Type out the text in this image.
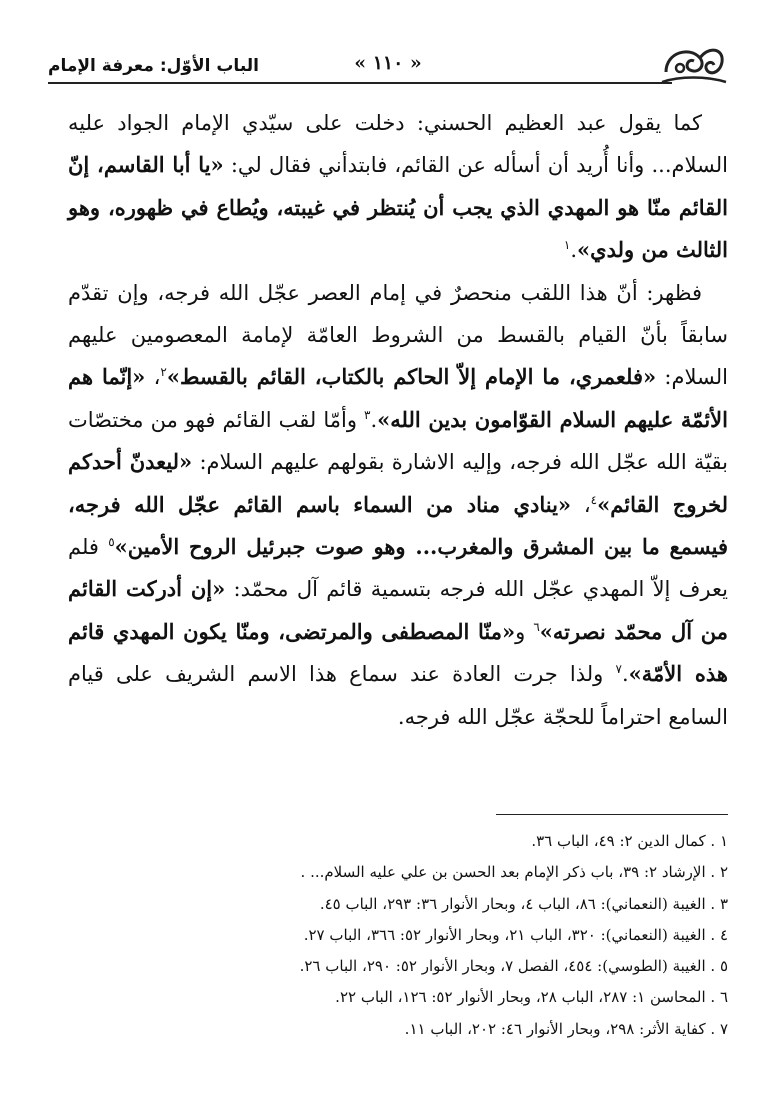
« ١١٠ »
الباب الأوّل: معرفة الإمام

كما يقول عبد العظيم الحسني: دخلت على سيّدي الإمام الجواد عليه السلام... وأنا أُريد أن أسأله عن القائم، فابتدأني فقال لي: «يا أبا القاسم، إنّ القائم منّا هو المهدي الذي يجب أن يُنتظر في غيبته، ويُطاع في ظهوره، وهو الثالث من ولدي».$^١$

فظهر: أنّ هذا اللقب منحصرٌ في إمام العصر عجّل الله فرجه، وإن تقدّم سابقاً بأنّ القيام بالقسط من الشروط العامّة لإمامة المعصومين عليهم السلام: «فلعمري، ما الإمام إلاّ الحاكم بالكتاب، القائم بالقسط»$^٢$، «إنّما هم الأئمّة عليهم السلام القوّامون بدين الله».$^٣$ وأمّا لقب القائم فهو من مختصّات بقيّة الله عجّل الله فرجه، وإليه الاشارة بقولهم عليهم السلام: «ليعدنّ أحدكم لخروج القائم»$^٤$، «ينادي مناد من السماء باسم القائم عجّل الله فرجه، فيسمع ما بين المشرق والمغرب... وهو صوت جبرئيل الروح الأمين»$^٥$ فلم يعرف إلاّ المهدي عجّل الله فرجه بتسمية قائم آل محمّد: «إن أدركت القائم من آل محمّد نصرته»$^٦$ و«منّا المصطفى والمرتضى، ومنّا يكون المهدي قائم هذه الأمّة».$^٧$ ولذا جرت العادة عند سماع هذا الاسم الشريف على قيام السامع احتراماً للحجّة عجّل الله فرجه.

١ . كمال الدين ٢: ٤٩، الباب ٣٦.
٢ . الإرشاد ٢: ٣٩، باب ذكر الإمام بعد الحسن بن علي عليه السلام... .
٣ . الغيبة (النعماني): ٨٦، الباب ٤، وبحار الأنوار ٣٦: ٢٩٣، الباب ٤٥.
٤ . الغيبة (النعماني): ٣٢٠، الباب ٢١، وبحار الأنوار ٥٢: ٣٦٦، الباب ٢٧.
٥ . الغيبة (الطوسي): ٤٥٤، الفصل ٧، وبحار الأنوار ٥٢: ٢٩٠، الباب ٢٦.
٦ . المحاسن ١: ٢٨٧، الباب ٢٨، وبحار الأنوار ٥٢: ١٢٦، الباب ٢٢.
٧ . كفاية الأثر: ٢٩٨، وبحار الأنوار ٤٦: ٢٠٢، الباب ١١.
